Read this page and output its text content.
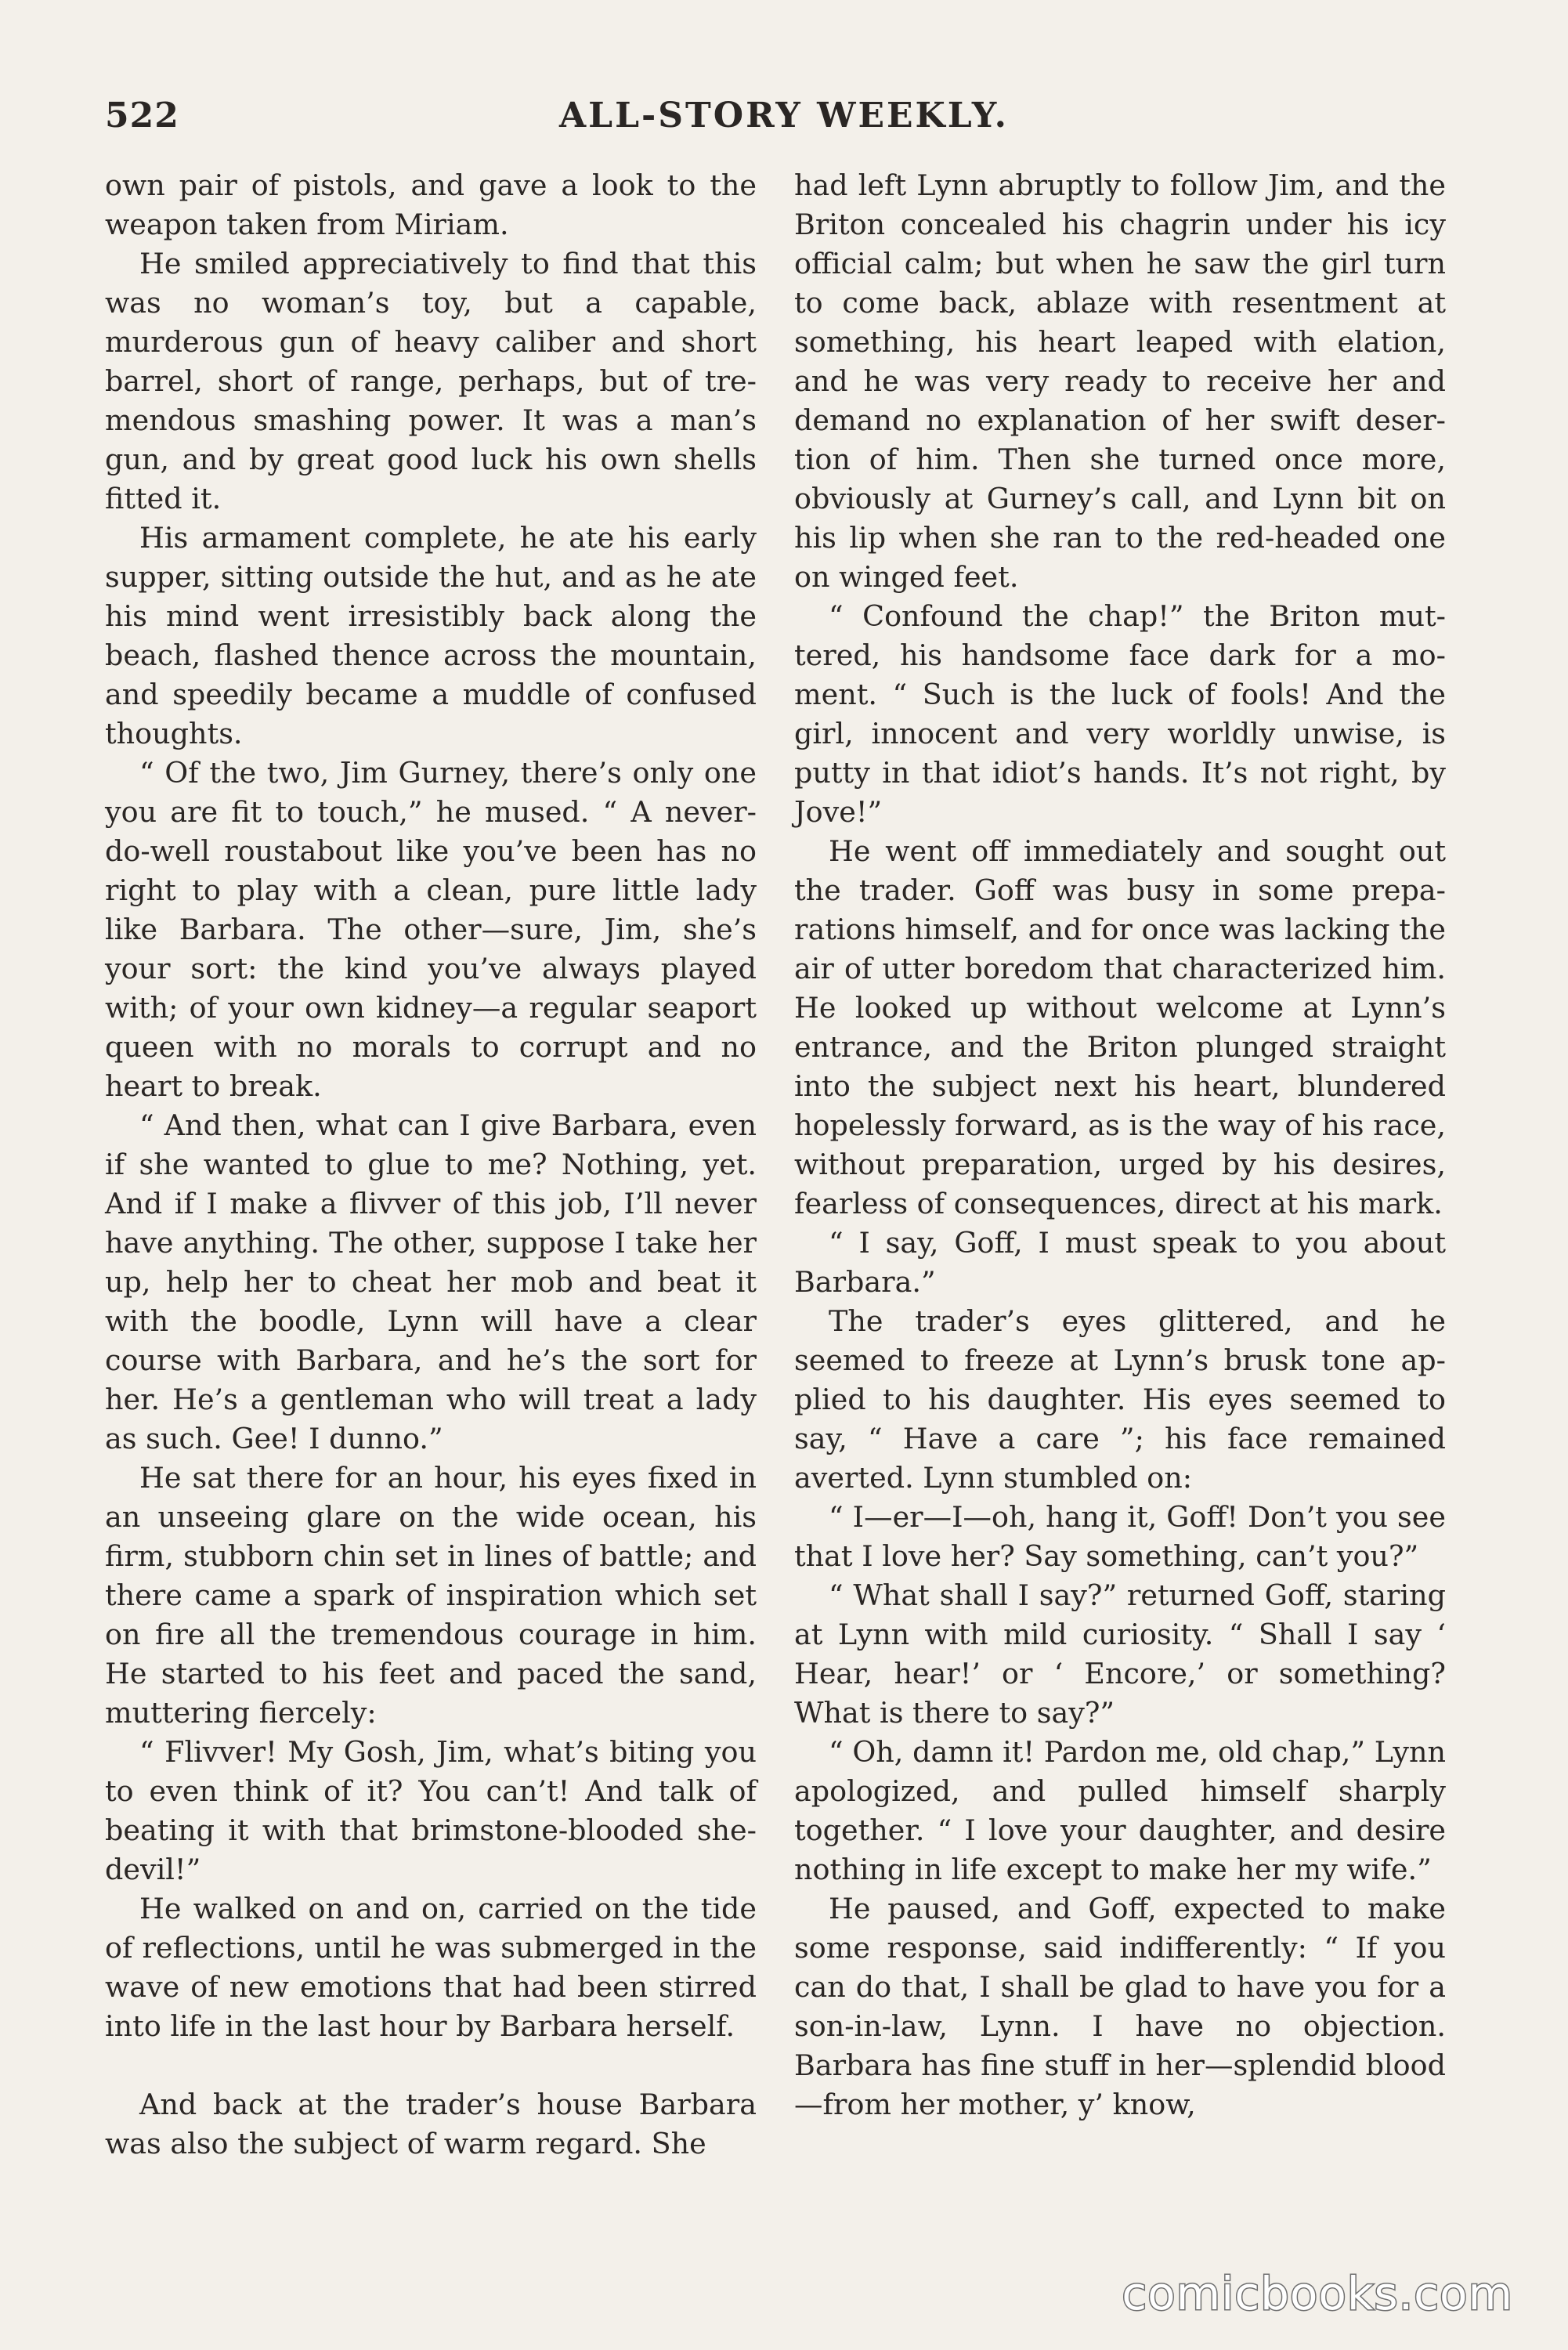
522	ALL-STORY WEEKLY.

own pair of pistols, and gave a look to the weapon taken from Miriam.

He smiled appreciatively to find that this was no woman’s toy, but a capable, murderous gun of heavy caliber and short barrel, short of range, perhaps, but of tremendous smashing power. It was a man’s gun, and by great good luck his own shells fitted it.

His armament complete, he ate his early supper, sitting outside the hut, and as he ate his mind went irresistibly back along the beach, flashed thence across the mountain, and speedily became a muddle of confused thoughts.

“ Of the two, Jim Gurney, there’s only one you are fit to touch,” he mused. “ A never-do-well roustabout like you’ve been has no right to play with a clean, pure little lady like Barbara. The other—sure, Jim, she’s your sort: the kind you’ve always played with; of your own kidney—a regular seaport queen with no morals to corrupt and no heart to break.

“ And then, what can I give Barbara, even if she wanted to glue to me? Nothing, yet. And if I make a flivver of this job, I’ll never have anything. The other, suppose I take her up, help her to cheat her mob and beat it with the boodle, Lynn will have a clear course with Barbara, and he’s the sort for her. He’s a gentleman who will treat a lady as such. Gee! I dunno.”

He sat there for an hour, his eyes fixed in an unseeing glare on the wide ocean, his firm, stubborn chin set in lines of battle; and there came a spark of inspiration which set on fire all the tremendous courage in him. He started to his feet and paced the sand, muttering fiercely:

“ Flivver! My Gosh, Jim, what’s biting you to even think of it? You can’t! And talk of beating it with that brimstone-blooded she-devil!”

He walked on and on, carried on the tide of reflections, until he was submerged in the wave of new emotions that had been stirred into life in the last hour by Barbara herself.

And back at the trader’s house Barbara was also the subject of warm regard. She

had left Lynn abruptly to follow Jim, and the Briton concealed his chagrin under his icy official calm; but when he saw the girl turn to come back, ablaze with resentment at something, his heart leaped with elation, and he was very ready to receive her and demand no explanation of her swift desertion of him. Then she turned once more, obviously at Gurney’s call, and Lynn bit on his lip when she ran to the red-headed one on winged feet.

“ Confound the chap!” the Briton muttered, his handsome face dark for a moment. “ Such is the luck of fools! And the girl, innocent and very worldly unwise, is putty in that idiot’s hands. It’s not right, by Jove!”

He went off immediately and sought out the trader. Goff was busy in some preparations himself, and for once was lacking the air of utter boredom that characterized him. He looked up without welcome at Lynn’s entrance, and the Briton plunged straight into the subject next his heart, blundered hopelessly forward, as is the way of his race, without preparation, urged by his desires, fearless of consequences, direct at his mark.

“ I say, Goff, I must speak to you about Barbara.”

The trader’s eyes glittered, and he seemed to freeze at Lynn’s brusk tone applied to his daughter. His eyes seemed to say, “ Have a care ”; his face remained averted. Lynn stumbled on:

“ I—er—I—oh, hang it, Goff! Don’t you see that I love her? Say something, can’t you?”

“ What shall I say?” returned Goff, staring at Lynn with mild curiosity. “ Shall I say ‘ Hear, hear!’ or ‘ Encore,’ or something? What is there to say?”

“ Oh, damn it! Pardon me, old chap,” Lynn apologized, and pulled himself sharply together. “ I love your daughter, and desire nothing in life except to make her my wife.”

He paused, and Goff, expected to make some response, said indifferently: “ If you can do that, I shall be glad to have you for a son-in-law, Lynn. I have no objection. Barbara has fine stuff in her—splendid blood—from her mother, y’ know,

comicbooks.com
